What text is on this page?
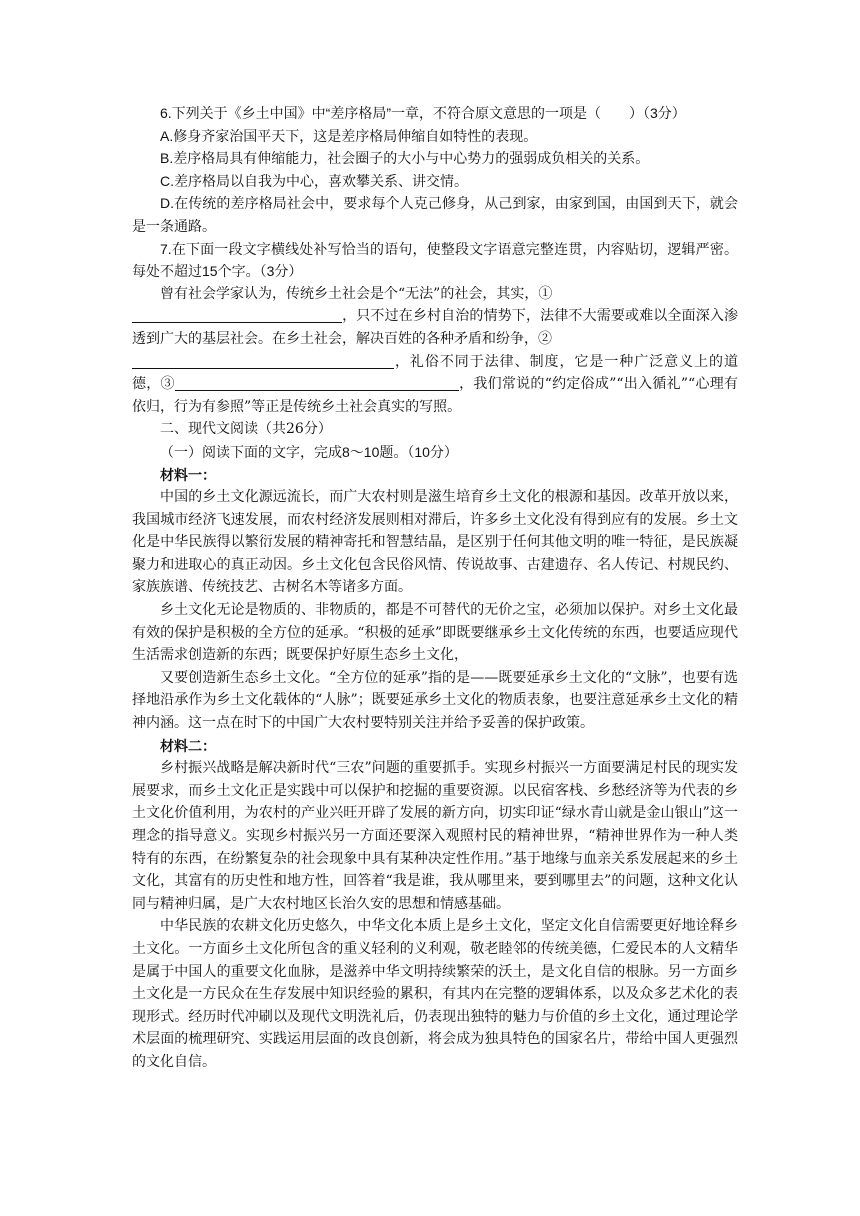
6.下列关于《乡土中国》中“差序格局”一章，不符合原文意思的一项是（　　）（3分）

A.修身齐家治国平天下，这是差序格局伸缩自如特性的表现。

B.差序格局具有伸缩能力，社会圈子的大小与中心势力的强弱成负相关的关系。

C.差序格局以自我为中心，喜欢攀关系、讲交情。

D.在传统的差序格局社会中，要求每个人克己修身，从己到家，由家到国，由国到天下，就会是一条通路。

7.在下面一段文字横线处补写恰当的语句，使整段文字语意完整连贯，内容贴切，逻辑严密。每处不超过15个字。（3分）

曾有社会学家认为，传统乡土社会是个“无法”的社会，其实，①
，只不过在乡村自治的情势下，法律不大需要或难以全面深入渗透到广大的基层社会。在乡土社会，解决百姓的各种矛盾和纷争，②
，礼俗不同于法律、制度，它是一种广泛意义上的道德，③	，我们常说的“约定俗成”“出入循礼”“心理有依归，行为有参照”等正是传统乡土社会真实的写照。

二、现代文阅读（共26分）

（一）阅读下面的文字，完成8～10题。（10分）

材料一：

中国的乡土文化源远流长，而广大农村则是滋生培育乡土文化的根源和基因。改革开放以来，我国城市经济飞速发展，而农村经济发展则相对滞后，许多乡土文化没有得到应有的发展。乡土文化是中华民族得以繁衍发展的精神寄托和智慧结晶，是区别于任何其他文明的唯一特征，是民族凝聚力和进取心的真正动因。乡土文化包含民俗风情、传说故事、古建遗存、名人传记、村规民约、家族族谱、传统技艺、古树名木等诸多方面。

乡土文化无论是物质的、非物质的，都是不可替代的无价之宝，必须加以保护。对乡土文化最有效的保护是积极的全方位的延承。“积极的延承”即既要继承乡土文化传统的东西，也要适应现代生活需求创造新的东西；既要保护好原生态乡土文化，

又要创造新生态乡土文化。“全方位的延承”指的是——既要延承乡土文化的“文脉”，也要有选择地沿承作为乡土文化载体的“人脉”；既要延承乡土文化的物质表象，也要注意延承乡土文化的精神内涵。这一点在时下的中国广大农村要特别关注并给予妥善的保护政策。

材料二：

乡村振兴战略是解决新时代“三农”问题的重要抓手。实现乡村振兴一方面要满足村民的现实发展要求，而乡土文化正是实践中可以保护和挖掘的重要资源。以民宿客栈、乡愁经济等为代表的乡土文化价值利用，为农村的产业兴旺开辟了发展的新方向，切实印证“绿水青山就是金山银山”这一理念的指导意义。实现乡村振兴另一方面还要深入观照村民的精神世界，“精神世界作为一种人类特有的东西，在纷繁复杂的社会现象中具有某种决定性作用。”基于地缘与血亲关系发展起来的乡土文化，其富有的历史性和地方性，回答着“我是谁，我从哪里来，要到哪里去”的问题，这种文化认同与精神归属，是广大农村地区长治久安的思想和情感基础。

中华民族的农耕文化历史悠久，中华文化本质上是乡土文化，坚定文化自信需要更好地诠释乡土文化。一方面乡土文化所包含的重义轻利的义利观，敬老睦邻的传统美德，仁爱民本的人文精华是属于中国人的重要文化血脉，是滋养中华文明持续繁荣的沃土，是文化自信的根脉。另一方面乡土文化是一方民众在生存发展中知识经验的累积，有其内在完整的逻辑体系，以及众多艺术化的表现形式。经历时代冲刷以及现代文明洗礼后，仍表现出独特的魅力与价值的乡土文化，通过理论学术层面的梳理研究、实践运用层面的改良创新，将会成为独具特色的国家名片，带给中国人更强烈的文化自信。
